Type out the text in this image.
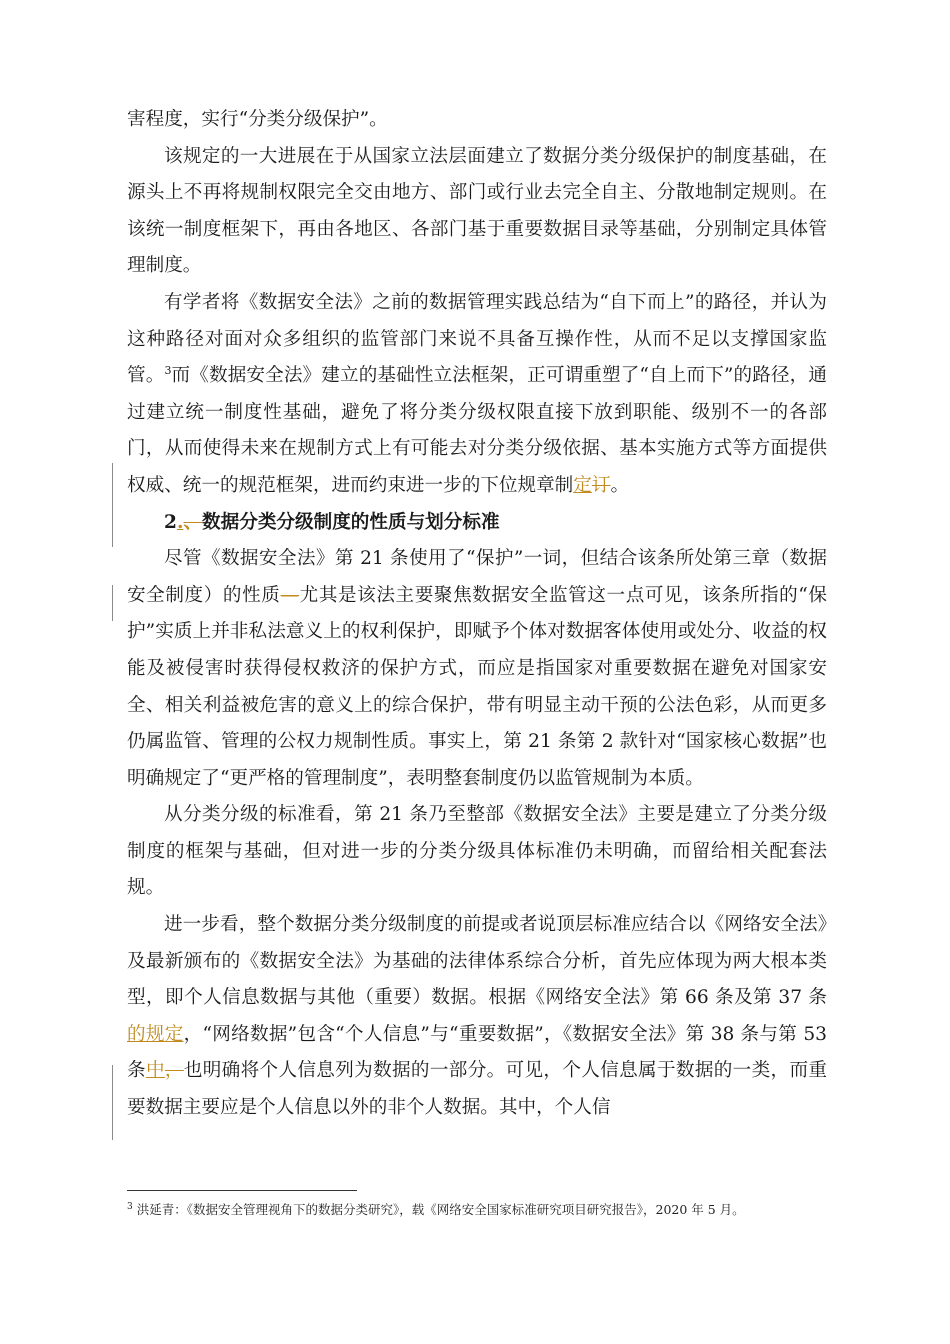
害程度，实行“分类分级保护”。

该规定的一大进展在于从国家立法层面建立了数据分类分级保护的制度基础，在源头上不再将规制权限完全交由地方、部门或行业去完全自主、分散地制定规则。在该统一制度框架下，再由各地区、各部门基于重要数据目录等基础，分别制定具体管理制度。

有学者将《数据安全法》之前的数据管理实践总结为“自下而上”的路径，并认为这种路径对面对众多组织的监管部门来说不具备互操作性，从而不足以支撑国家监管。$^3$而《数据安全法》建立的基础性立法框架，正可谓重塑了“自上而下”的路径，通过建立统一制度性基础，避免了将分类分级权限直接下放到职能、级别不一的各部门，从而使得未来在规制方式上有可能去对分类分级依据、基本实施方式等方面提供权威、统一的规范框架，进而约束进一步的下位规章制定订。

2.、数据分类分级制度的性质与划分标准

尽管《数据安全法》第 21 条使用了“保护”一词，但结合该条所处第三章（数据安全制度）的性质—尤其是该法主要聚焦数据安全监管这一点可见，该条所指的“保护”实质上并非私法意义上的权利保护，即赋予个体对数据客体使用或处分、收益的权能及被侵害时获得侵权救济的保护方式，而应是指国家对重要数据在避免对国家安全、相关利益被危害的意义上的综合保护，带有明显主动干预的公法色彩，从而更多仍属监管、管理的公权力规制性质。事实上，第 21 条第 2 款针对“国家核心数据”也明确规定了“更严格的管理制度”，表明整套制度仍以监管规制为本质。

从分类分级的标准看，第 21 条乃至整部《数据安全法》主要是建立了分类分级制度的框架与基础，但对进一步的分类分级具体标准仍未明确，而留给相关配套法规。

进一步看，整个数据分类分级制度的前提或者说顶层标准应结合以《网络安全法》及最新颁布的《数据安全法》为基础的法律体系综合分析，首先应体现为两大根本类型，即个人信息数据与其他（重要）数据。根据《网络安全法》第 66 条及第 37 条的规定，“网络数据”包含“个人信息”与“重要数据”，《数据安全法》第 38 条与第 53 条中，也明确将个人信息列为数据的一部分。可见，个人信息属于数据的一类，而重要数据主要应是个人信息以外的非个人数据。其中，个人信

$^3$ 洪延青：《数据安全管理视角下的数据分类研究》，载《网络安全国家标准研究项目研究报告》，2020 年 5 月。
